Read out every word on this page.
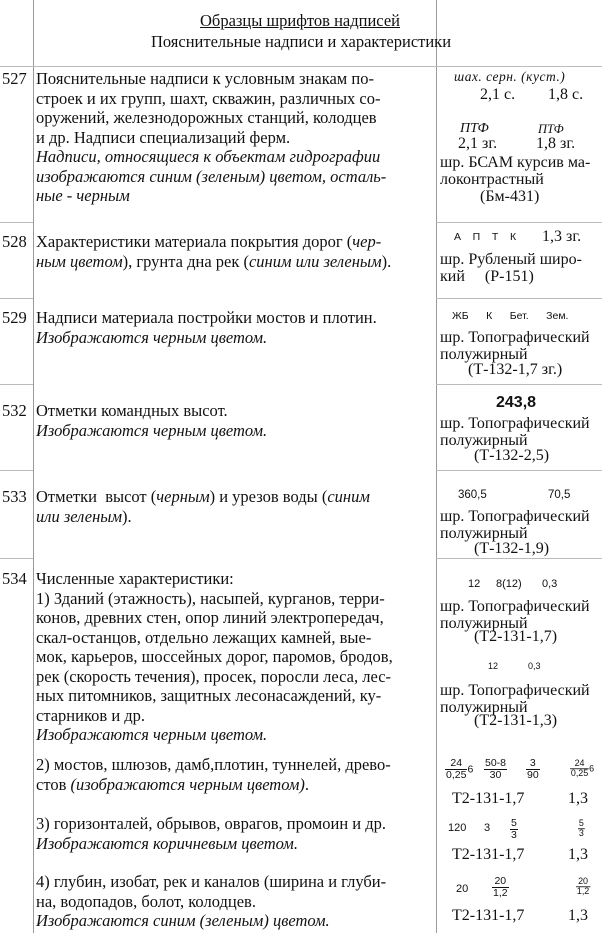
Образцы шрифтов надписей
Пояснительные надписи и характеристики
527 Пояснительные надписи к условным знакам по-
строек и их групп, шахт, скважин, различных со-
оружений, железнодорожных станций, колодцев
и др. Надписи специализаций ферм.
Надписи, относящиеся к объектам гидрографии
изображаются синим (зеленым) цветом, осталь-
ные - черным
шах. серн. (куст.)
2,1 с. 1,8 с.
ПТФ	ПТФ
2,1 зг. 1,8 зг.
шр. БСАМ курсив ма-
локонтрастный
(Бм-431)
528 Характеристики материала покрытия дорог (чер-
ным цветом), грунта дна рек (синим или зеленым).
А    П    Т    К 1,3 зг.
шр. Рубленый широ-
кий     (Р-151)
529 Надписи материала постройки мостов и плотин.
Изображаются черным цветом.
ЖБ      К      Бет.      Зем.
шр. Топографический
полужирный
(Т-132-1,7 зг.)
532 Отметки командных высот.
Изображаются черным цветом.
243,8
шр. Топографический
полужирный
(Т-132-2,5)
533 Отметки  высот (черным) и урезов воды (синим
или зеленым).
360,5	70,5
шр. Топографический
полужирный
(Т-132-1,9)
534 Численные характеристики:
1) Зданий (этажность), насыпей, курганов, терри-
конов, древних стен, опор линий электропередач,
скал-останцов, отдельно лежащих камней, вые-
мок, карьеров, шоссейных дорог, паромов, бродов,
рек (скорость течения), просек, поросли леса, лес-
ных питомников, защитных лесонасаждений, ку-
старников и др.
Изображаются черным цветом.
12 8(12) 0,3
шр. Топографический
полужирный
(Т2-131-1,7)
12	0,3
шр. Топографический
полужирный
(Т2-131-1,3)
2) мостов, шлюзов, дамб,плотин, туннелей, древо-
стов (изображаются черным цветом).
$\frac{24}{0,25} 6 \frac{50-8}{30} \frac{3}{90}$	$\frac{24}{0,25} 6$
Т2-131-1,7	1,3
3) горизонталей, обрывов, оврагов, промоин и др.
Изображаются коричневым цветом.
120 $3 \frac{5}{3}$	$\frac{5}{3}$
Т2-131-1,7	1,3
4) глубин, изобат, рек и каналов (ширина и глуби-
на, водопадов, болот, колодцев.
Изображаются синим (зеленым) цветом.
$20 \frac{20}{1,2}$	$\frac{20}{1,2}$
Т2-131-1,7	1,3
